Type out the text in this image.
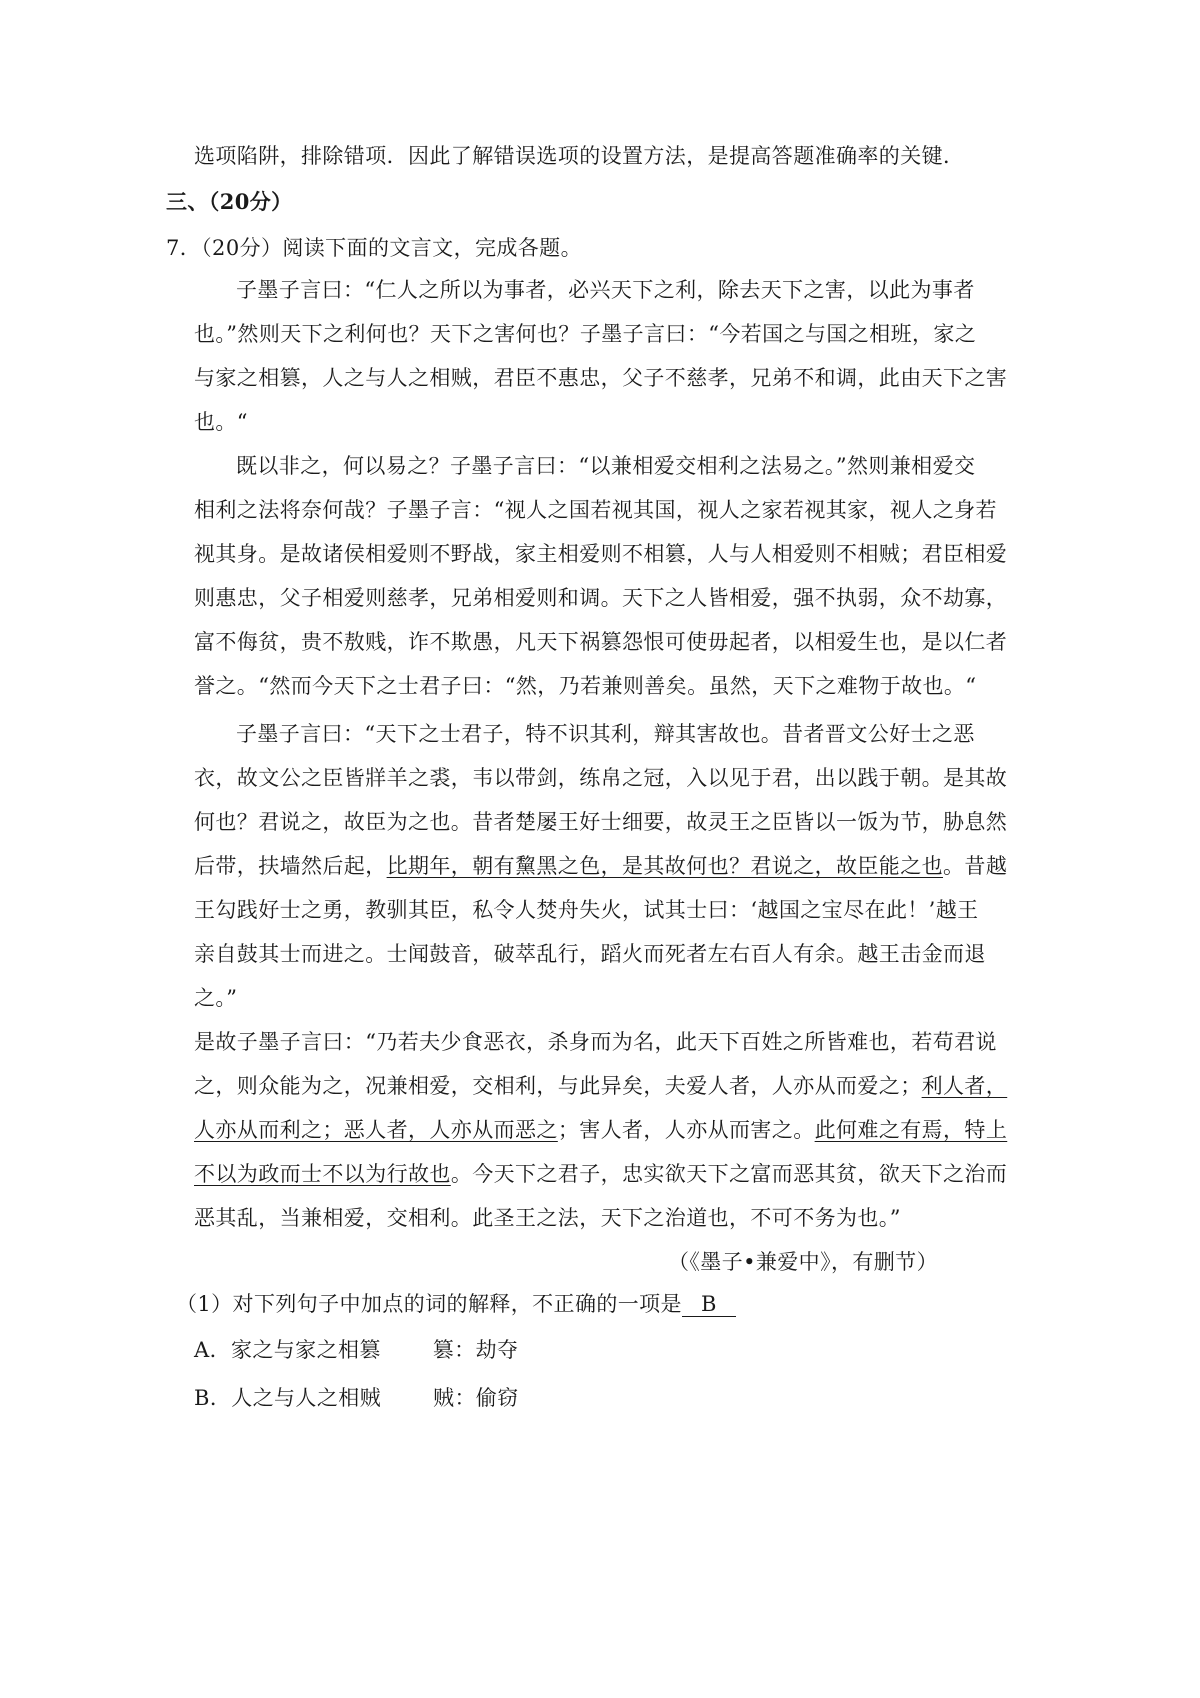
选项陷阱，排除错项．因此了解错误选项的设置方法，是提高答题准确率的关键．
三、（20分）
7．（20分）阅读下面的文言文，完成各题。
子墨子言曰：“仁人之所以为事者，必兴天下之利，除去天下之害，以此为事者
也。”然则天下之利何也？天下之害何也？子墨子言曰：“今若国之与国之相班，家之
与家之相篡，人之与人之相贼，君臣不惠忠，父子不慈孝，兄弟不和调，此由天下之害
也。“
既以非之，何以易之？子墨子言曰：“以兼相爱交相利之法易之。”然则兼相爱交
相利之法将奈何哉？子墨子言：“视人之国若视其国，视人之家若视其家，视人之身若
视其身。是故诸侯相爱则不野战，家主相爱则不相篡，人与人相爱则不相贼；君臣相爱
则惠忠，父子相爱则慈孝，兄弟相爱则和调。天下之人皆相爱，强不执弱，众不劫寡，
富不侮贫，贵不敖贱，诈不欺愚，凡天下祸篡怨恨可使毋起者，以相爱生也，是以仁者
誉之。“然而今天下之士君子曰：“然，乃若兼则善矣。虽然，天下之难物于故也。“
子墨子言曰：“天下之士君子，特不识其利，辩其害故也。昔者晋文公好士之恶
衣，故文公之臣皆牂羊之裘，韦以带剑，练帛之冠，入以见于君，出以践于朝。是其故
何也？君说之，故臣为之也。昔者楚屡王好士细要，故灵王之臣皆以一饭为节，胁息然
后带，扶墙然后起，比期年，朝有黧黑之色，是其故何也？君说之，故臣能之也。昔越
王勾践好士之勇，教驯其臣，私令人焚舟失火，试其士曰：‘越国之宝尽在此！’越王
亲自鼓其士而进之。士闻鼓音，破萃乱行，蹈火而死者左右百人有余。越王击金而退
之。”
是故子墨子言曰：“乃若夫少食恶衣，杀身而为名，此天下百姓之所皆难也，若苟君说
之，则众能为之，况兼相爱，交相利，与此异矣，夫爱人者，人亦从而爱之；利人者，
人亦从而利之；恶人者，人亦从而恶之；害人者，人亦从而害之。此何难之有焉，特上
不以为政而士不以为行故也。今天下之君子，忠实欲天下之富而恶其贫，欲天下之治而
恶其乱，当兼相爱，交相利。此圣王之法，天下之治道也，不可不务为也。”
（《墨子•兼爱中》，有删节）
（1）对下列句子中加点的词的解释，不正确的一项是 B
A．家之与家之相篡 篡：劫夺
B．人之与人之相贼 贼：偷窃
